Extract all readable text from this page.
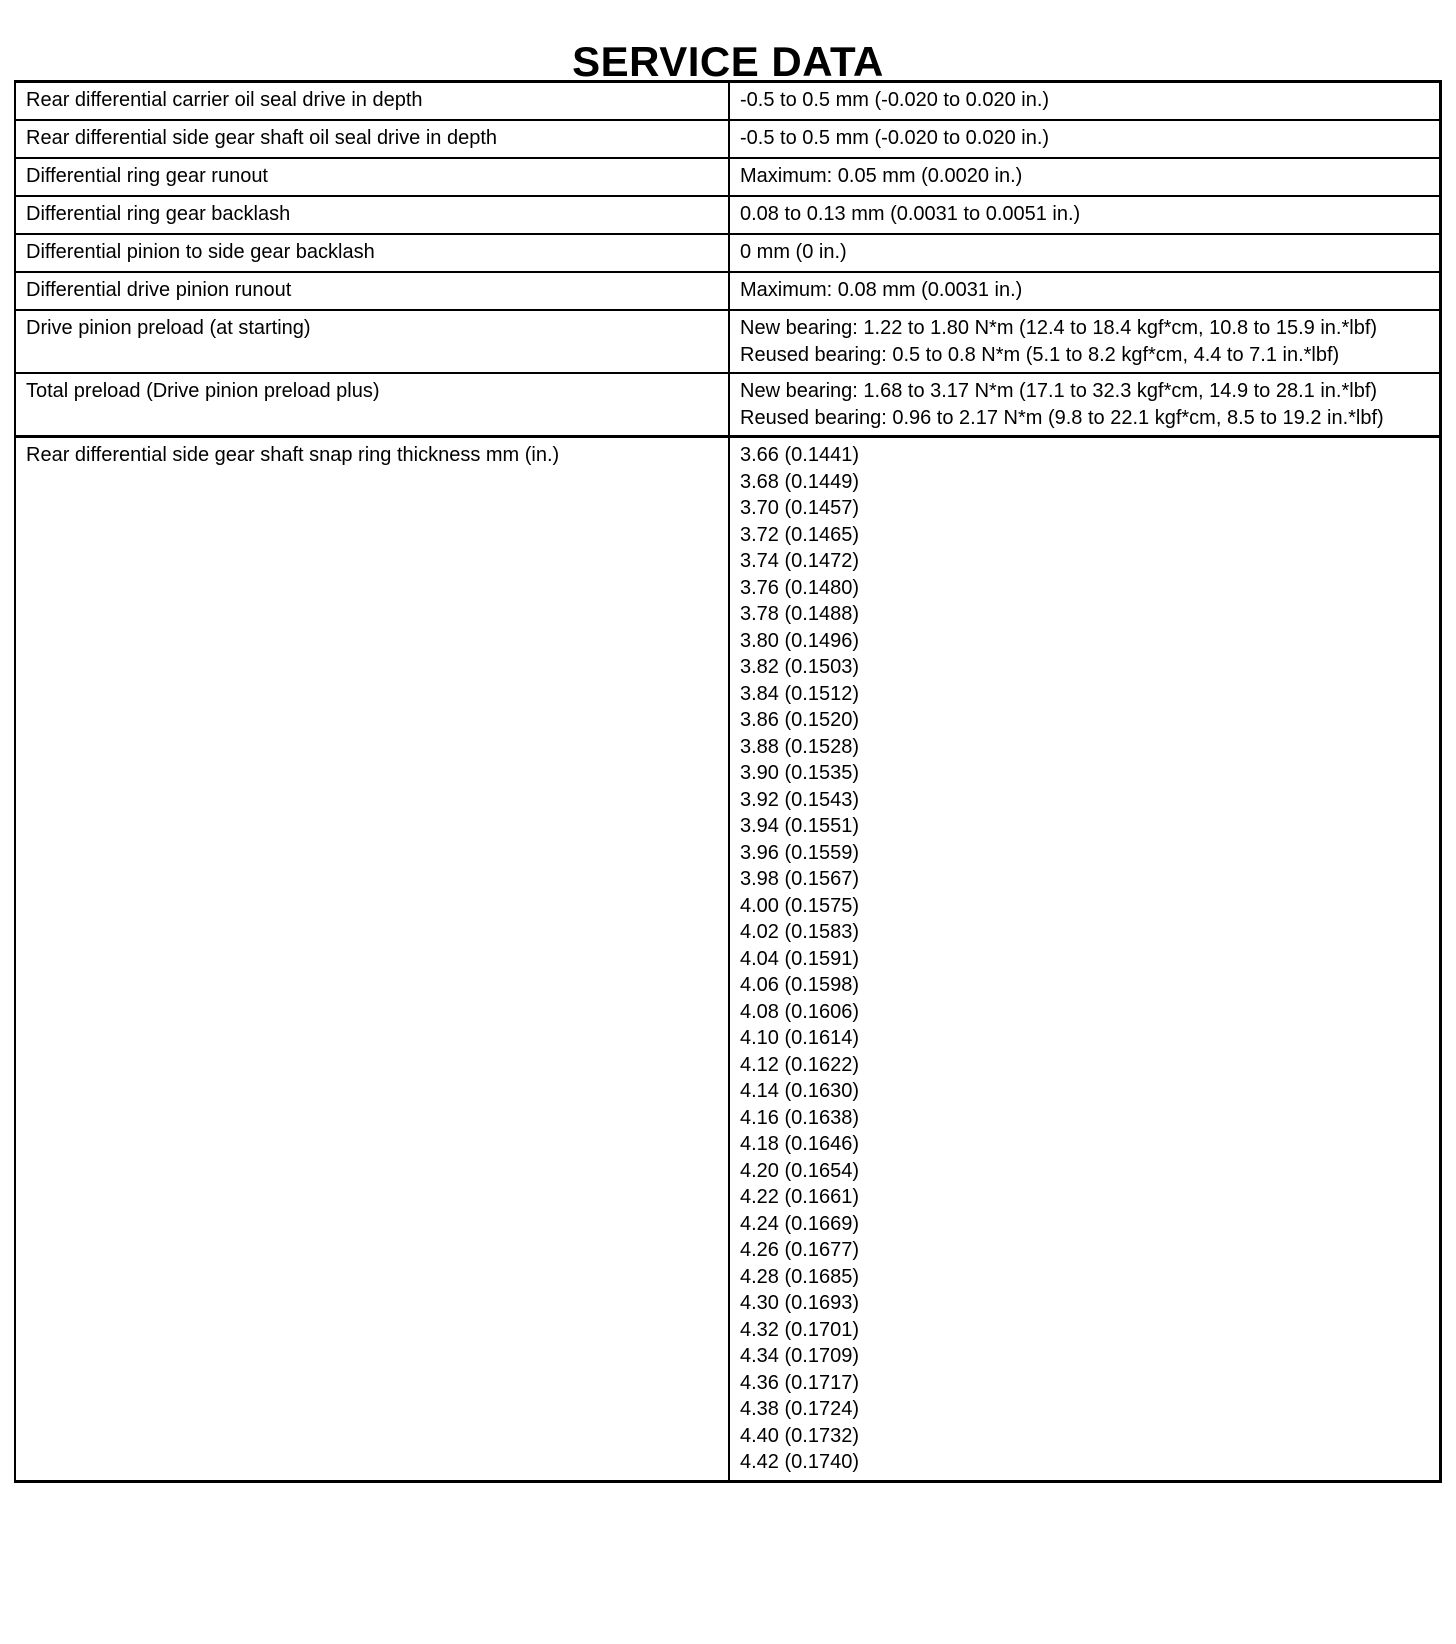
SERVICE DATA
Rear differential carrier oil seal drive in depth	-0.5 to 0.5 mm (-0.020 to 0.020 in.)
Rear differential side gear shaft oil seal drive in depth	-0.5 to 0.5 mm (-0.020 to 0.020 in.)
Differential ring gear runout	Maximum: 0.05 mm (0.0020 in.)
Differential ring gear backlash	0.08 to 0.13 mm (0.0031 to 0.0051 in.)
Differential pinion to side gear backlash	0 mm (0 in.)
Differential drive pinion runout	Maximum: 0.08 mm (0.0031 in.)
Drive pinion preload (at starting)	New bearing: 1.22 to 1.80 N*m (12.4 to 18.4 kgf*cm, 10.8 to 15.9 in.*lbf)
Reused bearing: 0.5 to 0.8 N*m (5.1 to 8.2 kgf*cm, 4.4 to 7.1 in.*lbf)

Total preload (Drive pinion preload plus)	New bearing: 1.68 to 3.17 N*m (17.1 to 32.3 kgf*cm, 14.9 to 28.1 in.*lbf)
Reused bearing: 0.96 to 2.17 N*m (9.8 to 22.1 kgf*cm, 8.5 to 19.2 in.*lbf)

Rear differential side gear shaft snap ring thickness mm (in.)	3.66 (0.1441)
3.68 (0.1449)
3.70 (0.1457)
3.72 (0.1465)
3.74 (0.1472)
3.76 (0.1480)
3.78 (0.1488)
3.80 (0.1496)
3.82 (0.1503)
3.84 (0.1512)
3.86 (0.1520)
3.88 (0.1528)
3.90 (0.1535)
3.92 (0.1543)
3.94 (0.1551)
3.96 (0.1559)
3.98 (0.1567)
4.00 (0.1575)
4.02 (0.1583)
4.04 (0.1591)
4.06 (0.1598)
4.08 (0.1606)
4.10 (0.1614)
4.12 (0.1622)
4.14 (0.1630)
4.16 (0.1638)
4.18 (0.1646)
4.20 (0.1654)
4.22 (0.1661)
4.24 (0.1669)
4.26 (0.1677)
4.28 (0.1685)
4.30 (0.1693)
4.32 (0.1701)
4.34 (0.1709)
4.36 (0.1717)
4.38 (0.1724)
4.40 (0.1732)
4.42 (0.1740)
